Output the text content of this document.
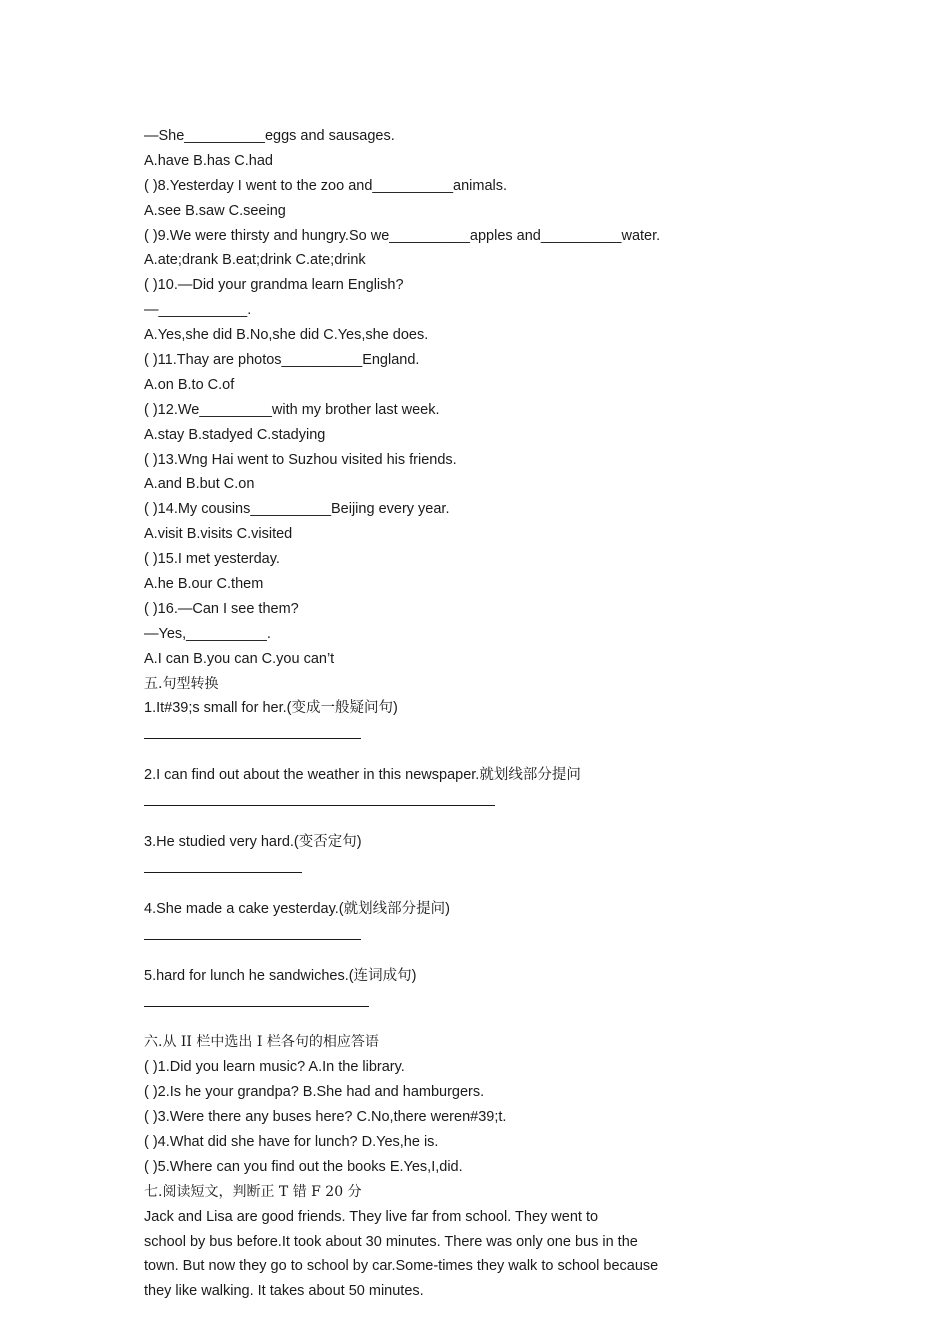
—She__________eggs and sausages.
A.have B.has C.had
( )8.Yesterday I went to the zoo and__________animals.
A.see B.saw C.seeing
( )9.We were thirsty and hungry.So we__________apples and__________water.
A.ate;drank B.eat;drink C.ate;drink
( )10.—Did your grandma learn English?
—___________.
A.Yes,she did B.No,she did C.Yes,she does.
( )11.Thay are photos__________England.
A.on B.to C.of
( )12.We_________with my brother last week.
A.stay B.stadyed C.stadying
( )13.Wng Hai went to Suzhou visited his friends.
A.and B.but C.on
( )14.My cousins__________Beijing every year.
A.visit B.visits C.visited
( )15.I met yesterday.
A.he B.our C.them
( )16.—Can I see them?
—Yes,__________.
A.I can B.you can C.you can’t
五.句型转换
1.It#39;s small for her.(变成一般疑问句)
2.I can find out about the weather in this newspaper.就划线部分提问
3.He studied very hard.(变否定句)
4.She made a cake yesterday.(就划线部分提问)
5.hard for lunch he sandwiches.(连词成句)
六.从 II 栏中选出 I 栏各句的相应答语
( )1.Did you learn music? A.In the library.
( )2.Is he your grandpa? B.She had and hamburgers.
( )3.Were there any buses here? C.No,there weren#39;t.
( )4.What did she have for lunch? D.Yes,he is.
( )5.Where can you find out the books E.Yes,I,did.
七.阅读短文，判断正 T 错 F 20 分
Jack and Lisa are good friends. They live far from school. They went to
school by bus before.It took about 30 minutes. There was only one bus in the
town. But now they go to school by car.Some-times they walk to school because
they like walking. It takes about 50 minutes.
